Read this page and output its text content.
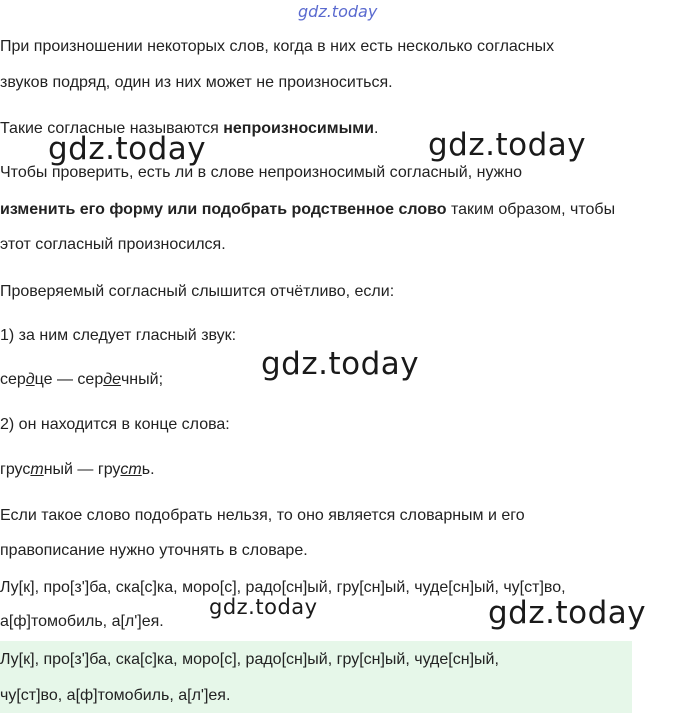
gdz.today
При произношении некоторых слов, когда в них есть несколько согласных
звуков подряд, один из них может не произноситься.
Такие согласные называются непроизносимыми.
Чтобы проверить, есть ли в слове непроизносимый согласный, нужно
изменить его форму или подобрать родственное слово таким образом, чтобы
этот согласный произносился.
Проверяемый согласный слышится отчётливо, если:
1) за ним следует гласный звук:
сердце — сердечный;
2) он находится в конце слова:
грустный — грусть.
Если такое слово подобрать нельзя, то оно является словарным и его
правописание нужно уточнять в словаре.
Лу[к], про[з']ба, ска[с]ка, моро[с], радо[сн]ый, гру[сн]ый, чуде[сн]ый, чу[ст]во,
а[ф]томобиль, а[л']ея.
Лу[к], про[з']ба, ска[с]ка, моро[с], радо[сн]ый, гру[сн]ый, чуде[сн]ый,
чу[ст]во, а[ф]томобиль, а[л']ея.
gdz.today	gdz.today
gdz.today
gdz.today	gdz.today
